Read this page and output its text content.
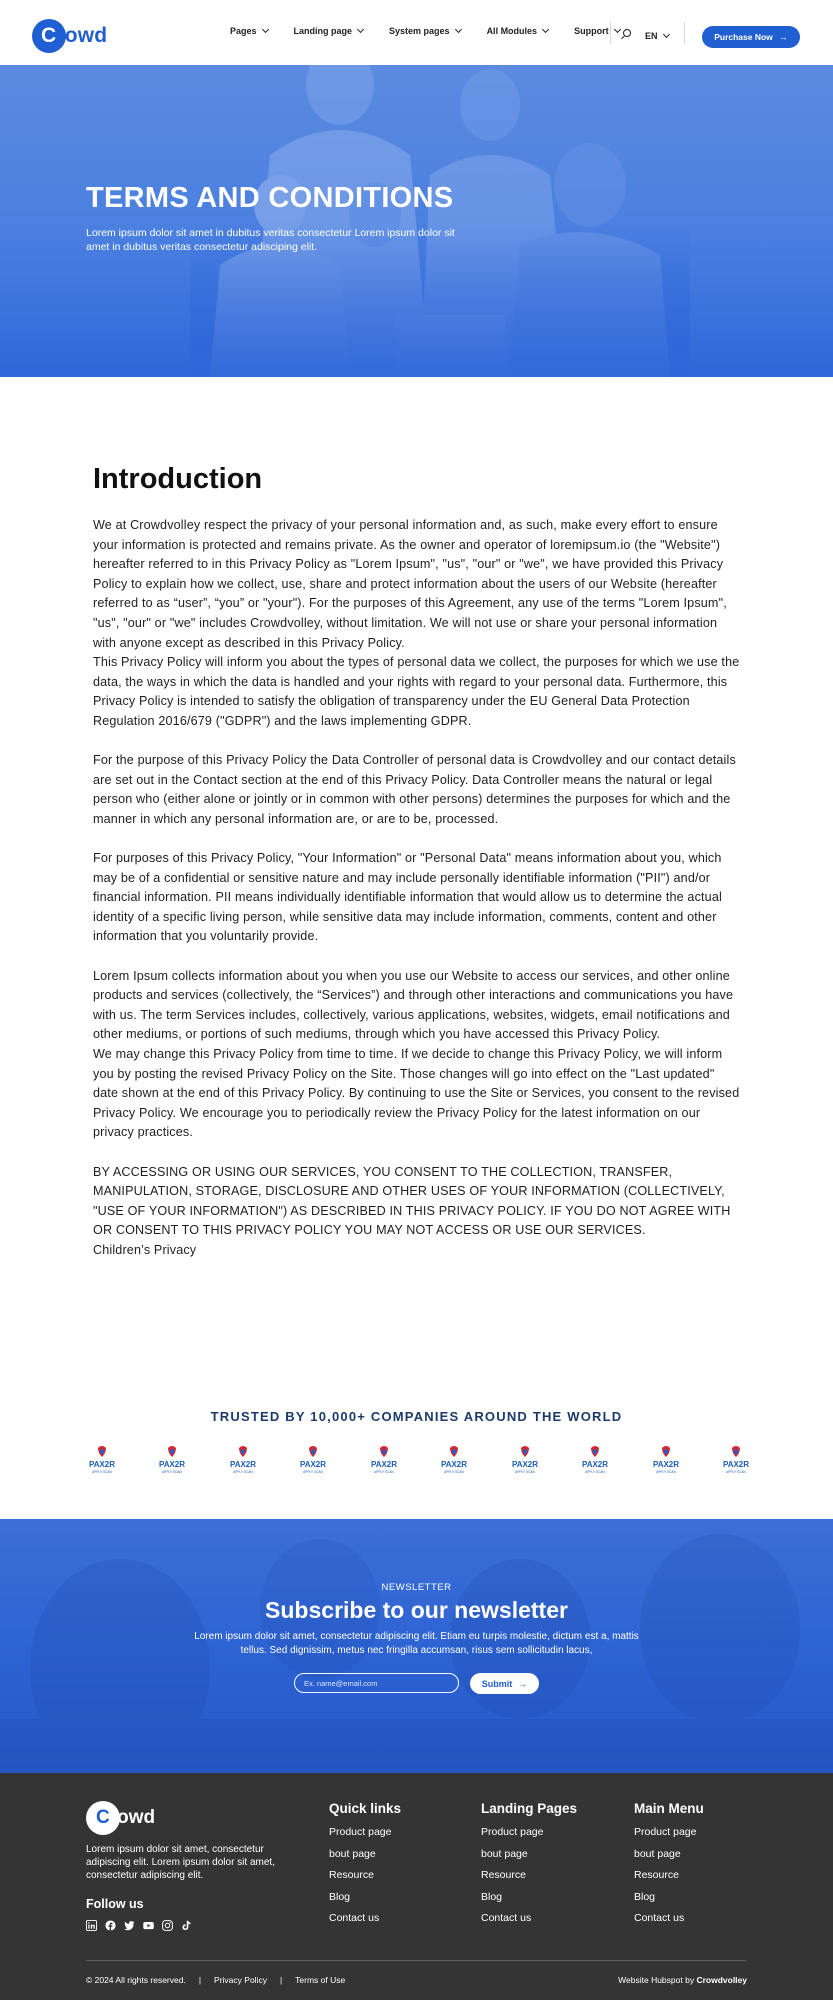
Crowd	Pages	Landing page	System pages	All Modules	Support	EN	Purchase Now →
TERMS AND CONDITIONS

Lorem ipsum dolor sit amet in dubitus veritas consectetur Lorem ipsum dolor sit amet in dubitus veritas consectetur adisciping elit.

Introduction

We at Crowdvolley respect the privacy of your personal information and, as such, make every effort to ensure your information is protected and remains private. As the owner and operator of loremipsum.io (the "Website") hereafter referred to in this Privacy Policy as "Lorem Ipsum", "us", "our" or "we", we have provided this Privacy Policy to explain how we collect, use, share and protect information about the users of our Website (hereafter referred to as “user”, “you” or "your"). For the purposes of this Agreement, any use of the terms "Lorem Ipsum", "us", "our" or "we" includes Crowdvolley, without limitation. We will not use or share your personal information with anyone except as described in this Privacy Policy.

This Privacy Policy will inform you about the types of personal data we collect, the purposes for which we use the data, the ways in which the data is handled and your rights with regard to your personal data. Furthermore, this Privacy Policy is intended to satisfy the obligation of transparency under the EU General Data Protection Regulation 2016/679 ("GDPR") and the laws implementing GDPR.

For the purpose of this Privacy Policy the Data Controller of personal data is Crowdvolley and our contact details are set out in the Contact section at the end of this Privacy Policy. Data Controller means the natural or legal person who (either alone or jointly or in common with other persons) determines the purposes for which and the manner in which any personal information are, or are to be, processed.

For purposes of this Privacy Policy, "Your Information" or "Personal Data" means information about you, which may be of a confidential or sensitive nature and may include personally identifiable information ("PII") and/or financial information. PII means individually identifiable information that would allow us to determine the actual identity of a specific living person, while sensitive data may include information, comments, content and other information that you voluntarily provide.

Lorem Ipsum collects information about you when you use our Website to access our services, and other online products and services (collectively, the “Services”) and through other interactions and communications you have with us. The term Services includes, collectively, various applications, websites, widgets, email notifications and other mediums, or portions of such mediums, through which you have accessed this Privacy Policy.

We may change this Privacy Policy from time to time. If we decide to change this Privacy Policy, we will inform you by posting the revised Privacy Policy on the Site. Those changes will go into effect on the "Last updated" date shown at the end of this Privacy Policy. By continuing to use the Site or Services, you consent to the revised Privacy Policy. We encourage you to periodically review the Privacy Policy for the latest information on our privacy practices.

BY ACCESSING OR USING OUR SERVICES, YOU CONSENT TO THE COLLECTION, TRANSFER, MANIPULATION, STORAGE, DISCLOSURE AND OTHER USES OF YOUR INFORMATION (COLLECTIVELY, "USE OF YOUR INFORMATION") AS DESCRIBED IN THIS PRIVACY POLICY. IF YOU DO NOT AGREE WITH OR CONSENT TO THIS PRIVACY POLICY YOU MAY NOT ACCESS OR USE OUR SERVICES.

Children’s Privacy

TRUSTED BY 10,000+ COMPANIES AROUND THE WORLD
PAX2R
APPLY SCAN
PAX2R
APPLY SCAN
PAX2R
APPLY SCAN
PAX2R
APPLY SCAN
PAX2R
APPLY SCAN
PAX2R
APPLY SCAN
PAX2R
APPLY SCAN
PAX2R
APPLY SCAN
PAX2R
APPLY SCAN
PAX2R
APPLY SCAN
NEWSLETTER
Subscribe to our newsletter
Lorem ipsum dolor sit amet, consectetur adipiscing elit. Etiam eu turpis molestie, dictum est a, mattis tellus. Sed dignissim, metus nec fringilla accumsan, risus sem sollicitudin lacus,
Ex. name@email.com
Submit →
Crowd

Lorem ipsum dolor sit amet, consectetur adipiscing elit. Lorem ipsum dolor sit amet, consectetur adipiscing elit.

Follow us
Quick links
Product page
bout page
Resource
Blog
Contact us
Landing Pages
Product page
bout page
Resource
Blog
Contact us
Main Menu
Product page
bout page
Resource
Blog
Contact us
© 2024 All rights reserved. | Privacy Policy | Terms of Use	Website Hubspot by Crowdvolley
